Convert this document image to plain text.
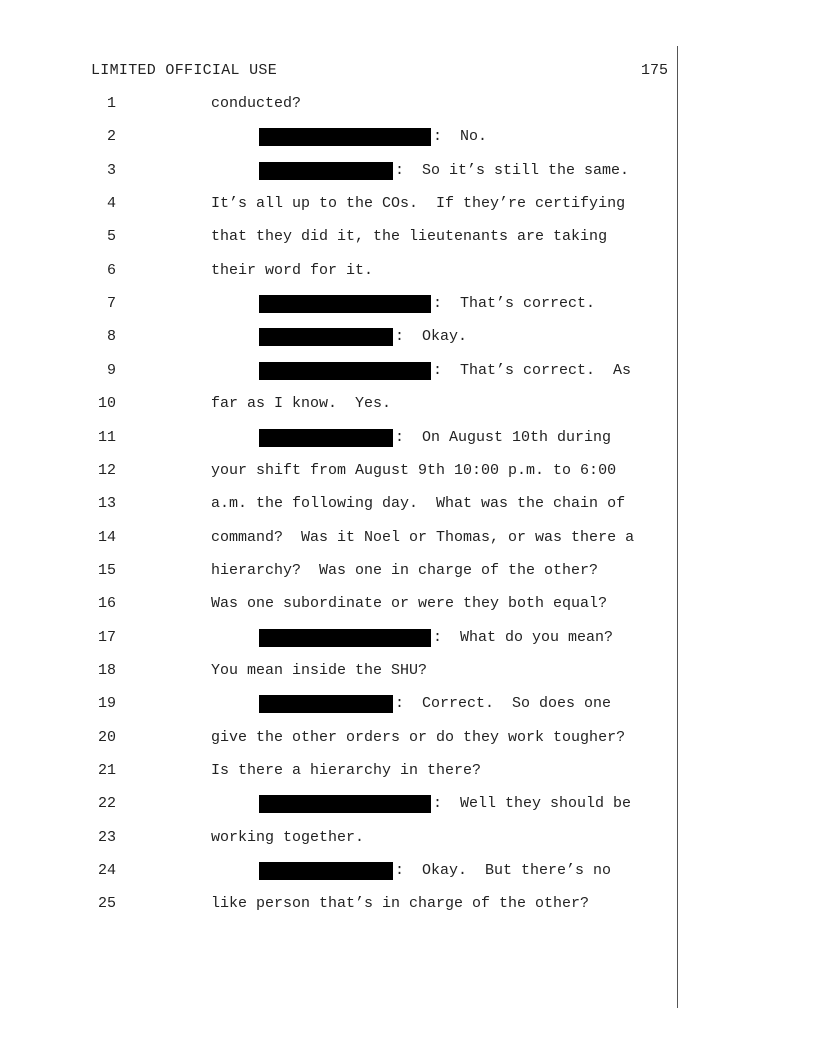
LIMITED OFFICIAL USE	175
1	conducted?
2	:  No.
3	:  So it’s still the same.
4	It’s all up to the COs.  If they’re certifying
5	that they did it, the lieutenants are taking
6	their word for it.
7	:  That’s correct.
8	:  Okay.
9	:  That’s correct.  As
10	far as I know.  Yes.
11	:  On August 10th during
12	your shift from August 9th 10:00 p.m. to 6:00
13	a.m. the following day.  What was the chain of
14	command?  Was it Noel or Thomas, or was there a
15	hierarchy?  Was one in charge of the other?
16	Was one subordinate or were they both equal?
17	:  What do you mean?
18	You mean inside the SHU?
19	:  Correct.  So does one
20	give the other orders or do they work tougher?
21	Is there a hierarchy in there?
22	:  Well they should be
23	working together.
24	:  Okay.  But there’s no
25	like person that’s in charge of the other?
